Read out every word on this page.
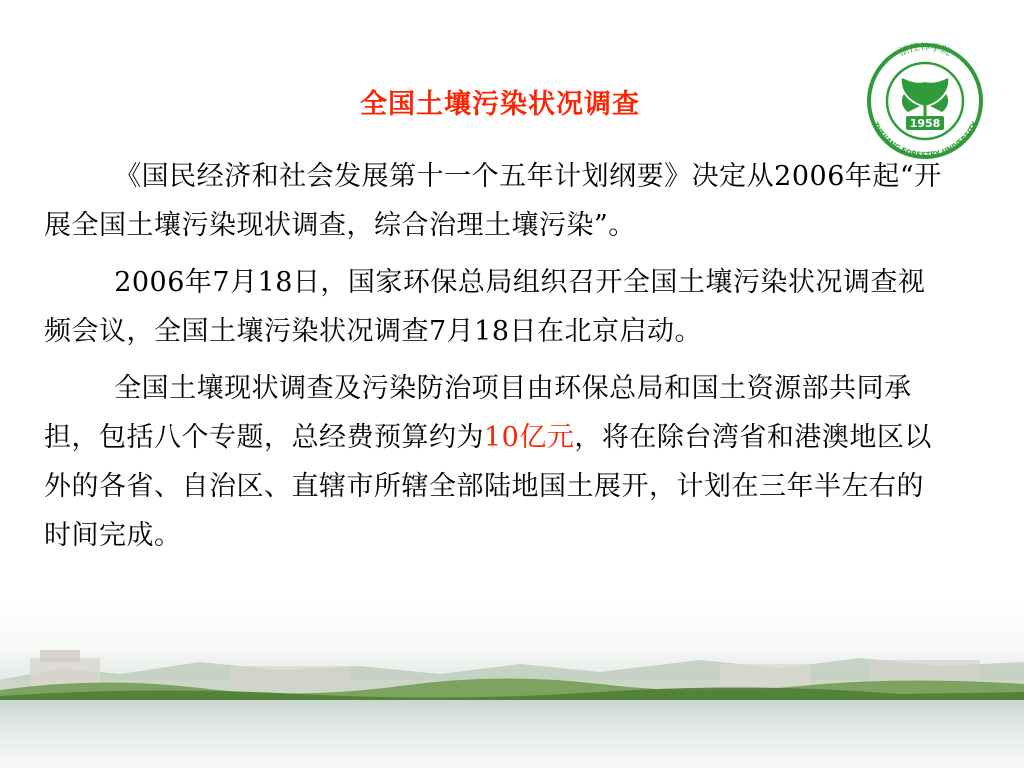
1958
浙江林学院
ZHEJIANG FORESTRY UNIVERSITY
全国土壤污染状况调查

《国民经济和社会发展第十一个五年计划纲要》决定从2006年起“开展全国土壤污染现状调查，综合治理土壤污染”。

2006年7月18日，国家环保总局组织召开全国土壤污染状况调查视频会议，全国土壤污染状况调查7月18日在北京启动。

全国土壤现状调查及污染防治项目由环保总局和国土资源部共同承担，包括八个专题，总经费预算约为10亿元，将在除台湾省和港澳地区以外的各省、自治区、直辖市所辖全部陆地国土展开，计划在三年半左右的时间完成。
